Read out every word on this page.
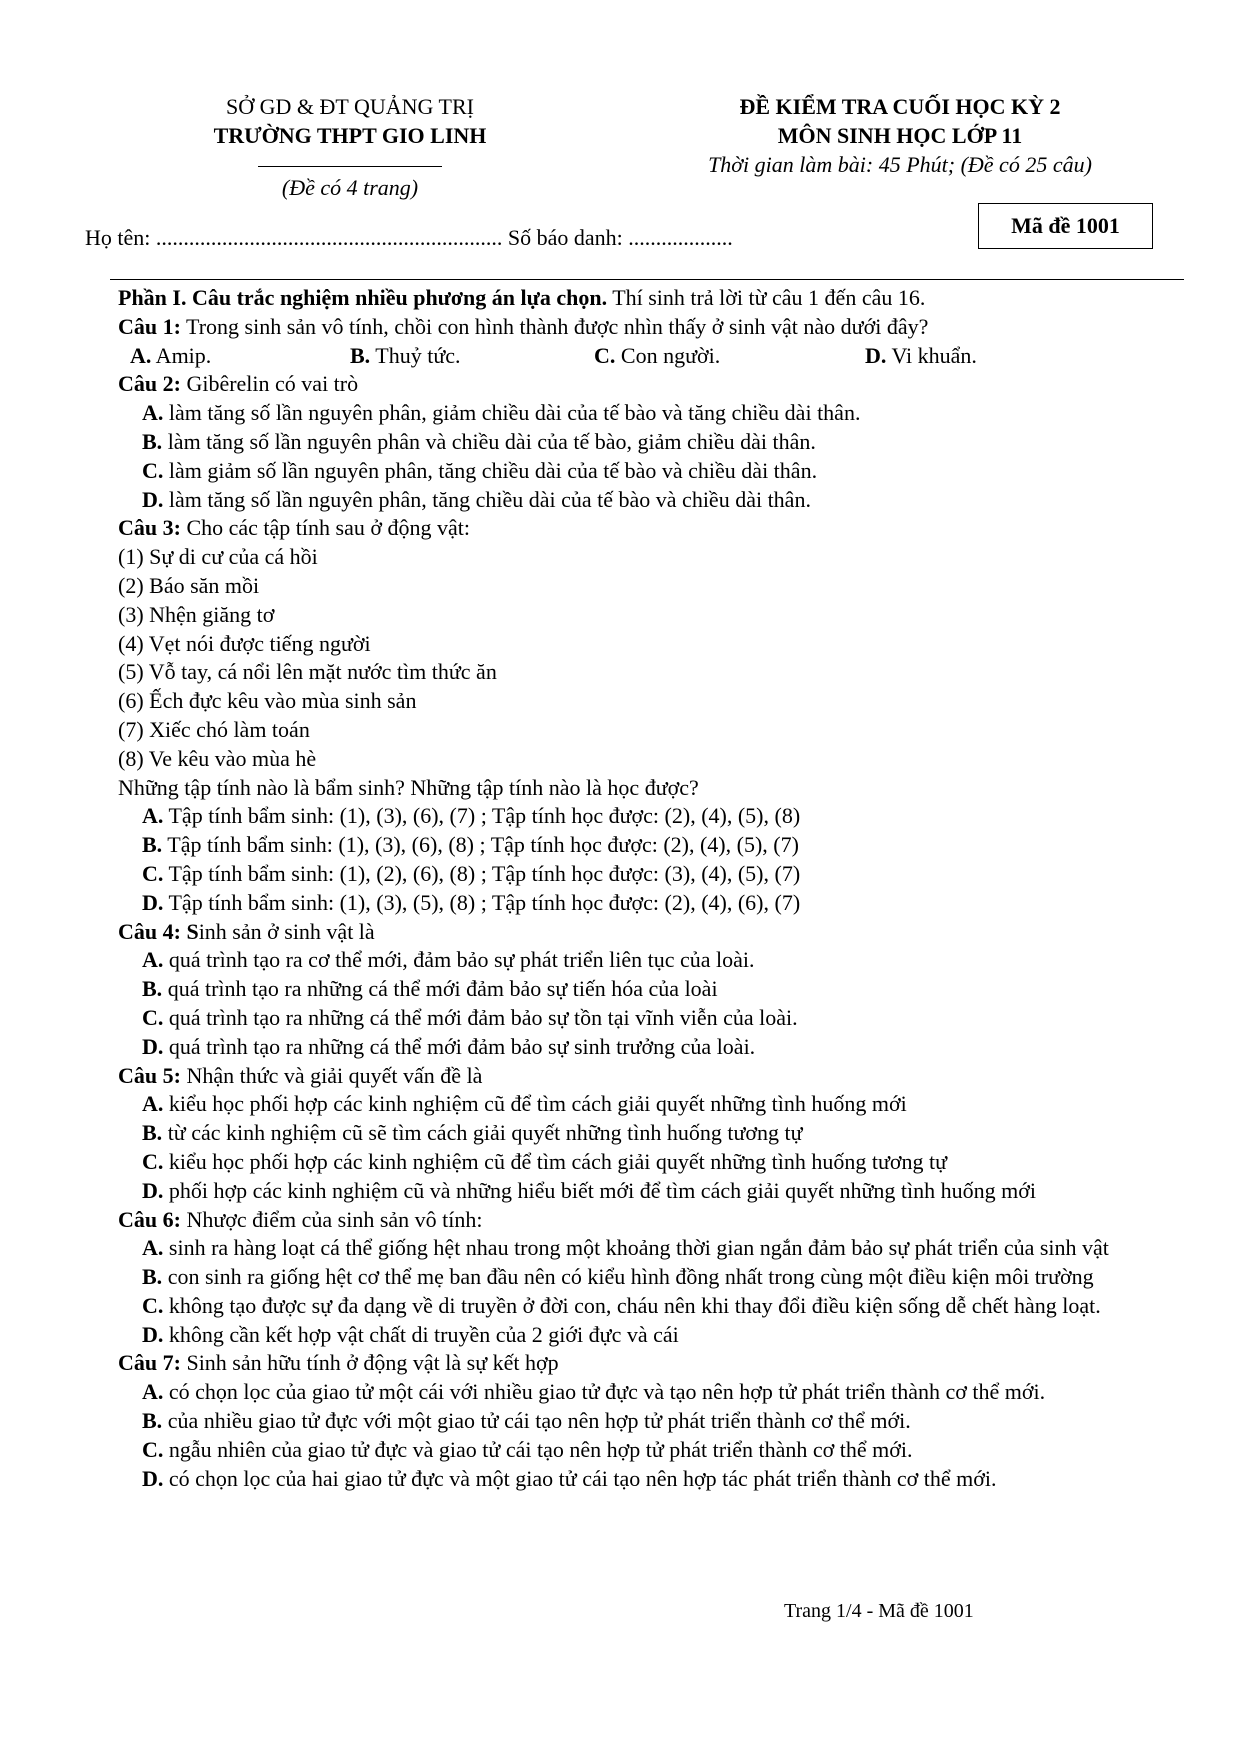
SỞ GD & ĐT QUẢNG TRỊ
TRƯỜNG THPT GIO LINH
(Đề có 4 trang)
ĐỀ KIỂM TRA CUỐI HỌC KỲ 2
MÔN SINH HỌC LỚP 11
Thời gian làm bài: 45 Phút; (Đề có 25 câu)
Họ tên: ............................................................... Số báo danh: ...................	Mã đề 1001
Phần I. Câu trắc nghiệm nhiều phương án lựa chọn. Thí sinh trả lời từ câu 1 đến câu 16.
Câu 1: Trong sinh sản vô tính, chồi con hình thành được nhìn thấy ở sinh vật nào dưới đây?
A. Amip.	B. Thuỷ tức.	C. Con người.	D. Vi khuẩn.
Câu 2: Gibêrelin có vai trò
A. làm tăng số lần nguyên phân, giảm chiều dài của tế bào và tăng chiều dài thân.
B. làm tăng số lần nguyên phân và chiều dài của tế bào, giảm chiều dài thân.
C. làm giảm số lần nguyên phân, tăng chiều dài của tế bào và chiều dài thân.
D. làm tăng số lần nguyên phân, tăng chiều dài của tế bào và chiều dài thân.
Câu 3: Cho các tập tính sau ở động vật:
(1) Sự di cư của cá hồi
(2) Báo săn mồi
(3) Nhện giăng tơ
(4) Vẹt nói được tiếng người
(5) Vỗ tay, cá nổi lên mặt nước tìm thức ăn
(6) Ếch đực kêu vào mùa sinh sản
(7) Xiếc chó làm toán
(8) Ve kêu vào mùa hè
Những tập tính nào là bẩm sinh? Những tập tính nào là học được?
A. Tập tính bẩm sinh: (1), (3), (6), (7) ; Tập tính học được: (2), (4), (5), (8)
B. Tập tính bẩm sinh: (1), (3), (6), (8) ; Tập tính học được: (2), (4), (5), (7)
C. Tập tính bẩm sinh: (1), (2), (6), (8) ; Tập tính học được: (3), (4), (5), (7)
D. Tập tính bẩm sinh: (1), (3), (5), (8) ; Tập tính học được: (2), (4), (6), (7)
Câu 4: Sinh sản ở sinh vật là
A. quá trình tạo ra cơ thể mới, đảm bảo sự phát triển liên tục của loài.
B. quá trình tạo ra những cá thể mới đảm bảo sự tiến hóa của loài
C. quá trình tạo ra những cá thể mới đảm bảo sự tồn tại vĩnh viễn của loài.
D. quá trình tạo ra những cá thể mới đảm bảo sự sinh trưởng của loài.
Câu 5: Nhận thức và giải quyết vấn đề là
A. kiểu học phối hợp các kinh nghiệm cũ để tìm cách giải quyết những tình huống mới
B. từ các kinh nghiệm cũ sẽ tìm cách giải quyết những tình huống tương tự
C. kiểu học phối hợp các kinh nghiệm cũ để tìm cách giải quyết những tình huống tương tự
D. phối hợp các kinh nghiệm cũ và những hiểu biết mới để tìm cách giải quyết những tình huống mới
Câu 6: Nhược điểm của sinh sản vô tính:
A. sinh ra hàng loạt cá thể giống hệt nhau trong một khoảng thời gian ngắn đảm bảo sự phát triển của sinh vật
B. con sinh ra giống hệt cơ thể mẹ ban đầu nên có kiểu hình đồng nhất trong cùng một điều kiện môi trường
C. không tạo được sự đa dạng về di truyền ở đời con, cháu nên khi thay đổi điều kiện sống dễ chết hàng loạt.
D. không cần kết hợp vật chất di truyền của 2 giới đực và cái
Câu 7: Sinh sản hữu tính ở động vật là sự kết hợp
A. có chọn lọc của giao tử một cái với nhiều giao tử đực và tạo nên hợp tử phát triển thành cơ thể mới.
B. của nhiều giao tử đực với một giao tử cái tạo nên hợp tử phát triển thành cơ thể mới.
C. ngẫu nhiên của giao tử đực và giao tử cái tạo nên hợp tử phát triển thành cơ thể mới.
D. có chọn lọc của hai giao tử đực và một giao tử cái tạo nên hợp tác phát triển thành cơ thể mới.
Trang 1/4 - Mã đề 1001
